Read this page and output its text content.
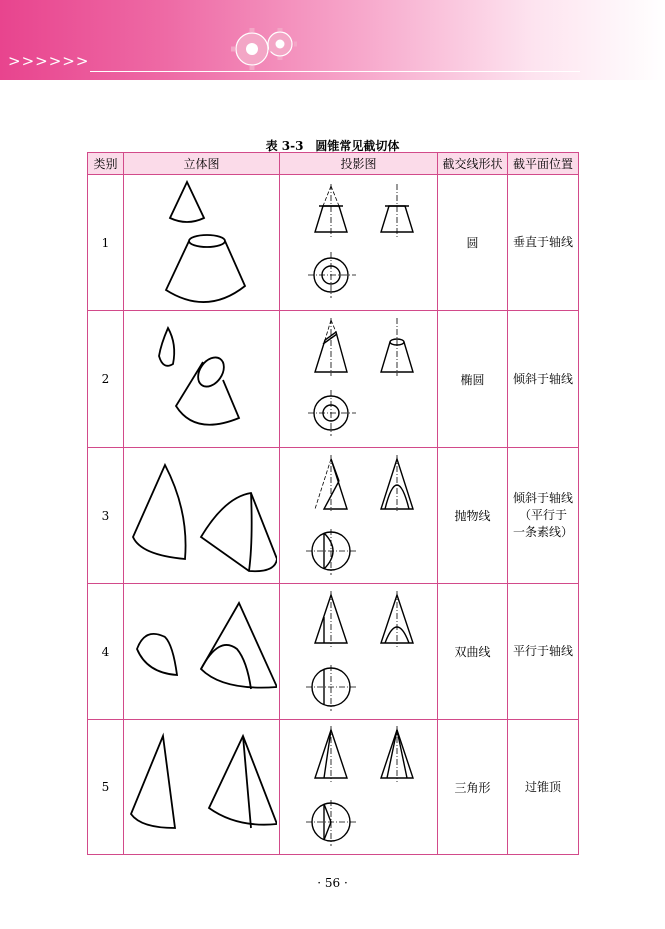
>>>>>>
表 3-3　圆锥常见截切体
类别	立体图	投影图	截交线形状	截平面位置
1			圆	垂直于轴线

2			椭圆	倾斜于轴线

3			抛物线	倾斜于轴线
（平行于
一条素线）

4			双曲线	平行于轴线

5			三角形	过锥顶
· 56 ·
